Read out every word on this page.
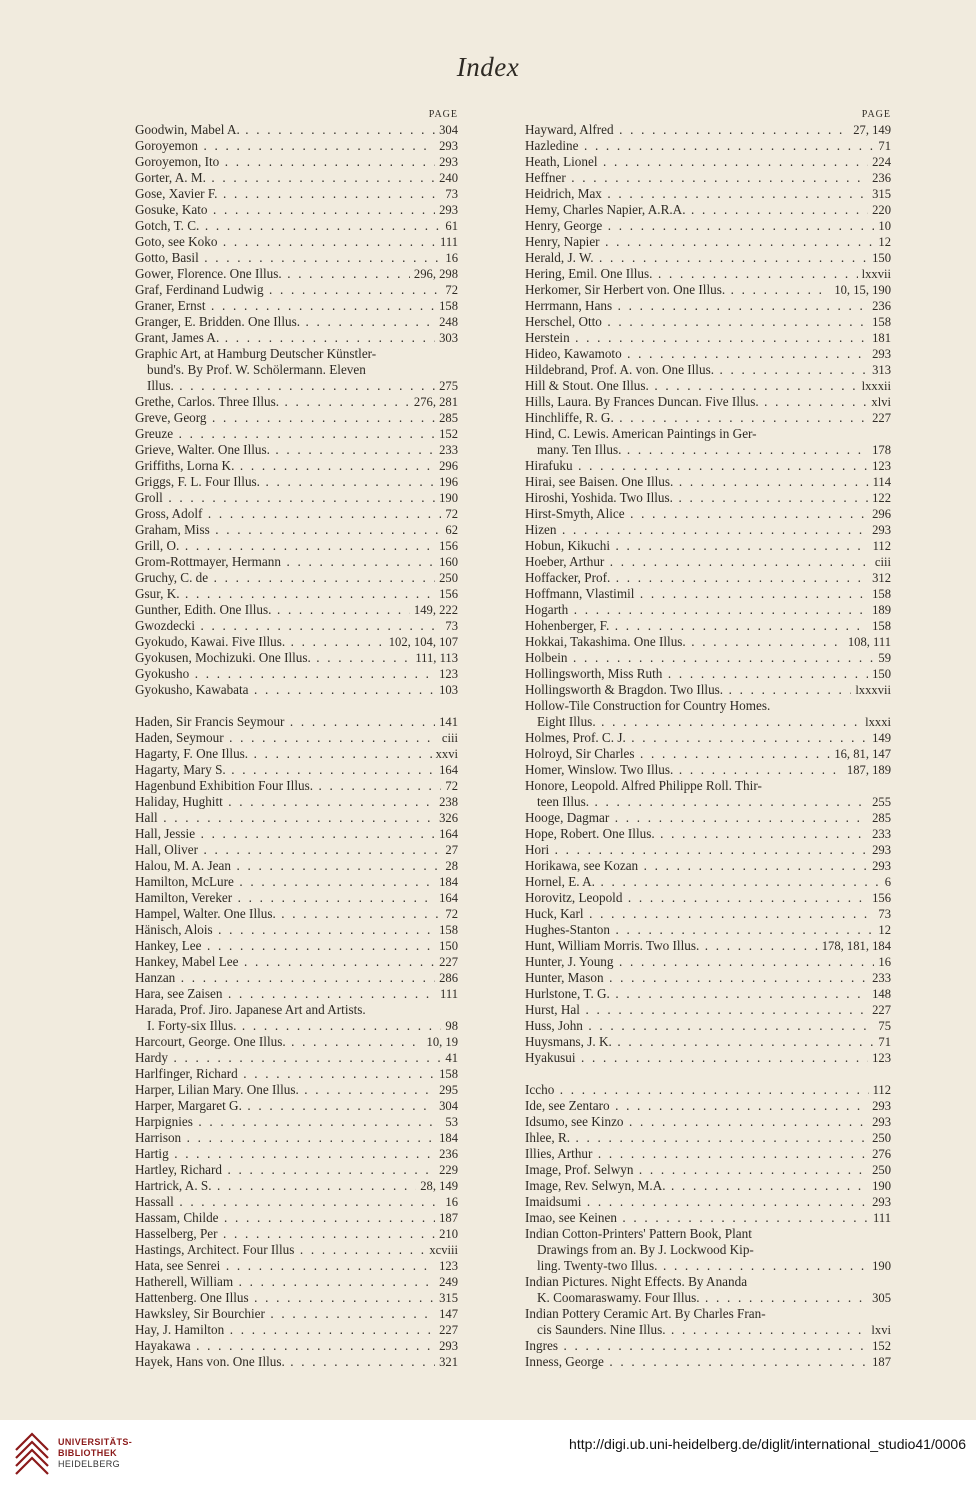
Index
PAGE
Goodwin, Mabel A. . . .	304
Goroyemon . . .	293
Goroyemon, Ito . . .	293
Gorter, A. M. . . .	240
Gose, Xavier F. . . .	73
Gosuke, Kato . . .	293
Gotch, T. C. . . .	61
Goto, see Koko . . .	111
Gotto, Basil . . .	16
Gower, Florence. One Illus. . . .	296, 298
Graf, Ferdinand Ludwig . . .	72
Graner, Ernst . . .	158
Granger, E. Bridden. One Illus. . . .	248
Grant, James A. . . .	303
Graphic Art, at Hamburg Deutscher Künstler-
bund's. By Prof. W. Schölermann. Eleven
Illus. . . .	275
Grethe, Carlos. Three Illus. . . .	276, 281
Greve, Georg . . .	285
Greuze . . .	152
Grieve, Walter. One Illus. . . .	233
Griffiths, Lorna K. . . .	296
Griggs, F. L. Four Illus. . . .	196
Groll . . .	190
Gross, Adolf . . .	72
Graham, Miss . . .	62
Grill, O. . . .	156
Grom-Rottmayer, Hermann . . .	160
Gruchy, C. de . . .	250
Gsur, K. . . .	156
Gunther, Edith. One Illus. . . .	149, 222
Gwozdecki . . .	73
Gyokudo, Kawai. Five Illus. . . .	102, 104, 107
Gyokusen, Mochizuki. One Illus. . . .	111, 113
Gyokusho . . .	123
Gyokusho, Kawabata . . .	103
Haden, Sir Francis Seymour . . .	141
Haden, Seymour . . .	ciii
Hagarty, F. One Illus. . . .	xxvi
Hagarty, Mary S. . . .	164
Hagenbund Exhibition Four Illus. . . .	72
Haliday, Hughitt . . .	238
Hall . . .	326
Hall, Jessie . . .	164
Hall, Oliver . . .	27
Halou, M. A. Jean . . .	28
Hamilton, McLure . . .	184
Hamilton, Vereker . . .	164
Hampel, Walter. One Illus. . . .	72
Hänisch, Alois . . .	158
Hankey, Lee . . .	150
Hankey, Mabel Lee . . .	227
Hanzan . . .	286
Hara, see Zaisen . . .	111
Harada, Prof. Jiro. Japanese Art and Artists.
I. Forty-six Illus. . . .	98
Harcourt, George. One Illus. . . .	10, 19
Hardy . . .	41
Harlfinger, Richard . . .	158
Harper, Lilian Mary. One Illus. . . .	295
Harper, Margaret G. . . .	304
Harpignies . . .	53
Harrison . . .	184
Hartig . . .	236
Hartley, Richard . . .	229
Hartrick, A. S. . . .	28, 149
Hassall . . .	16
Hassam, Childe . . .	187
Hasselberg, Per . . .	210
Hastings, Architect. Four Illus . . .	xcviii
Hata, see Senrei . . .	123
Hatherell, William . . .	249
Hattenberg. One Illus . . .	315
Hawksley, Sir Bourchier . . .	147
Hay, J. Hamilton . . .	227
Hayakawa . . .	293
Hayek, Hans von. One Illus. . . .	321
PAGE
Hayward, Alfred . . .	27, 149
Hazledine . . .	71
Heath, Lionel . . .	224
Heffner . . .	236
Heidrich, Max . . .	315
Hemy, Charles Napier, A.R.A. . . .	220
Henry, George . . .	10
Henry, Napier . . .	12
Herald, J. W. . . .	150
Hering, Emil. One Illus. . . .	lxxvii
Herkomer, Sir Herbert von. One Illus. . . .	10, 15, 190
Herrmann, Hans . . .	236
Herschel, Otto . . .	158
Herstein . . .	181
Hideo, Kawamoto . . .	293
Hildebrand, Prof. A. von. One Illus. . . .	313
Hill & Stout. One Illus. . . .	lxxxii
Hills, Laura. By Frances Duncan. Five Illus. . . .	xlvi
Hinchliffe, R. G. . . .	227
Hind, C. Lewis. American Paintings in Ger-
many. Ten Illus. . . .	178
Hirafuku . . .	123
Hirai, see Baisen. One Illus. . . .	114
Hiroshi, Yoshida. Two Illus. . . .	122
Hirst-Smyth, Alice . . .	296
Hizen . . .	293
Hobun, Kikuchi . . .	112
Hoeber, Arthur . . .	ciii
Hoffacker, Prof. . . .	312
Hoffmann, Vlastimil . . .	158
Hogarth . . .	189
Hohenberger, F. . . .	158
Hokkai, Takashima. One Illus. . . .	108, 111
Holbein . . .	59
Hollingsworth, Miss Ruth . . .	150
Hollingsworth & Bragdon. Two Illus. . . .	lxxxvii
Hollow-Tile Construction for Country Homes.
Eight Illus. . . .	lxxxi
Holmes, Prof. C. J. . . .	149
Holroyd, Sir Charles . . .	16, 81, 147
Homer, Winslow. Two Illus. . . .	187, 189
Honore, Leopold. Alfred Philippe Roll. Thir-
teen Illus. . . .	255
Hooge, Dagmar . . .	285
Hope, Robert. One Illus. . . .	233
Hori . . .	293
Horikawa, see Kozan . . .	293
Hornel, E. A. . . .	6
Horovitz, Leopold . . .	156
Huck, Karl . . .	73
Hughes-Stanton . . .	12
Hunt, William Morris. Two Illus. . . .	178, 181, 184
Hunter, J. Young . . .	16
Hunter, Mason . . .	233
Hurlstone, T. G. . . .	148
Hurst, Hal . . .	227
Huss, John . . .	75
Huysmans, J. K. . . .	71
Hyakusui . . .	123
Iccho . . .	112
Ide, see Zentaro . . .	293
Idsumo, see Kinzo . . .	293
Ihlee, R. . . .	250
Illies, Arthur . . .	276
Image, Prof. Selwyn . . .	250
Image, Rev. Selwyn, M.A. . . .	190
Imaidsumi . . .	293
Imao, see Keinen . . .	111
Indian Cotton-Printers' Pattern Book, Plant
Drawings from an. By J. Lockwood Kip-
ling. Twenty-two Illus. . . .	190
Indian Pictures. Night Effects. By Ananda
K. Coomaraswamy. Four Illus. . . .	305
Indian Pottery Ceramic Art. By Charles Fran-
cis Saunders. Nine Illus. . . .	lxvi
Ingres . . .	152
Inness, George . . .	187
UNIVERSITÄTS-
BIBLIOTHEK
HEIDELBERG
http://digi.ub.uni-heidelberg.de/diglit/international_studio41/0006
